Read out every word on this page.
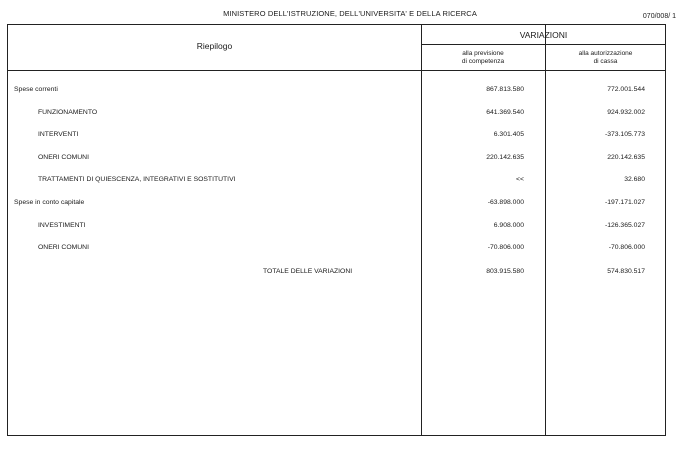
MINISTERO DELL'ISTRUZIONE, DELL'UNIVERSITA' E DELLA RICERCA	070/008/ 1
Riepilogo
VARIAZIONI
alla previsione
di competenza
alla autorizzazione
di cassa
Spese correnti	867.813.580	772.001.544
FUNZIONAMENTO	641.369.540	924.932.002
INTERVENTI	6.301.405	-373.105.773
ONERI COMUNI	220.142.635	220.142.635
TRATTAMENTI DI QUIESCENZA, INTEGRATIVI E SOSTITUTIVI	<<	32.680
Spese in conto capitale	-63.898.000	-197.171.027
INVESTIMENTI	6.908.000	-126.365.027
ONERI COMUNI	-70.806.000	-70.806.000
TOTALE DELLE VARIAZIONI	803.915.580	574.830.517
